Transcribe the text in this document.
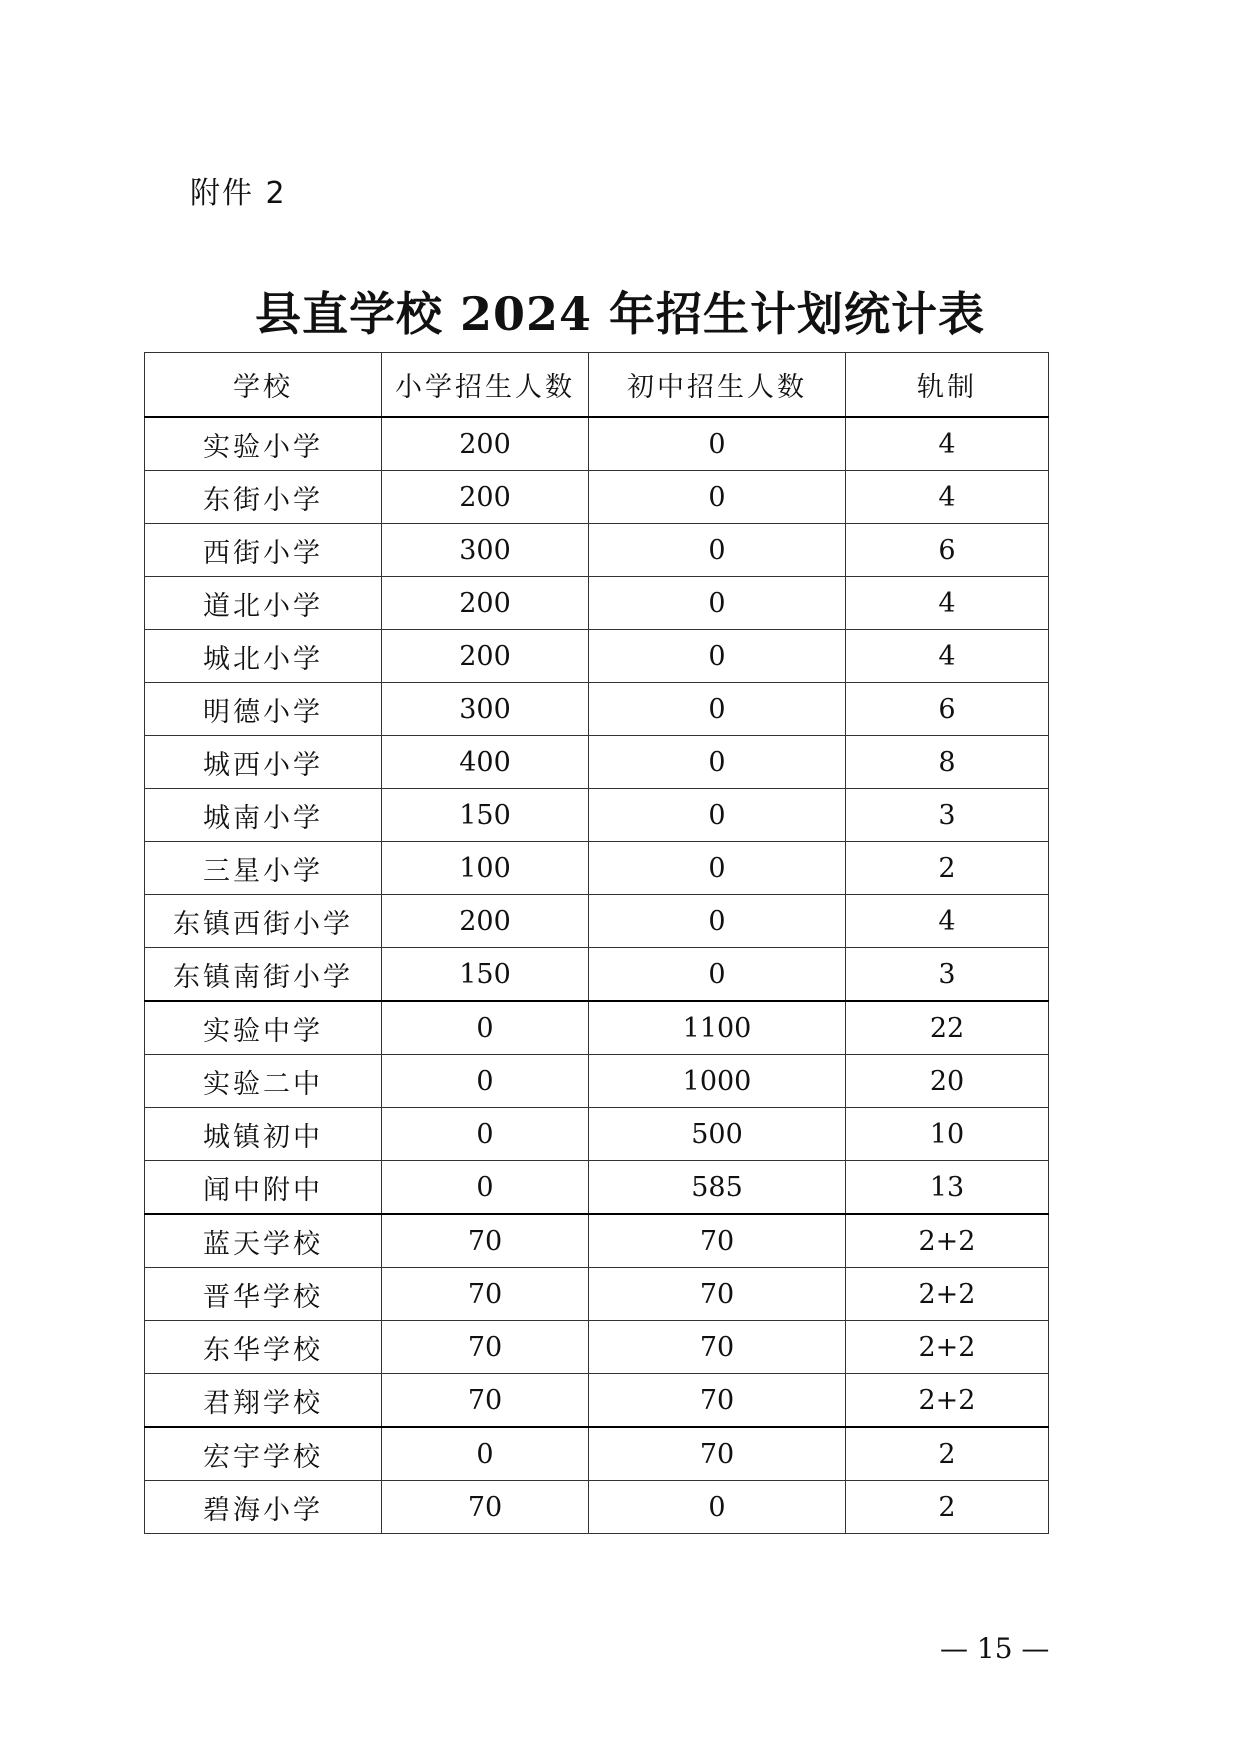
附件 2
县直学校 2024 年招生计划统计表
学校	小学招生人数	初中招生人数	轨制
实验小学	200	0	4
东街小学	200	0	4
西街小学	300	0	6
道北小学	200	0	4
城北小学	200	0	4
明德小学	300	0	6
城西小学	400	0	8
城南小学	150	0	3
三星小学	100	0	2
东镇西街小学	200	0	4
东镇南街小学	150	0	3
实验中学	0	1100	22
实验二中	0	1000	20
城镇初中	0	500	10
闻中附中	0	585	13
蓝天学校	70	70	2+2
晋华学校	70	70	2+2
东华学校	70	70	2+2
君翔学校	70	70	2+2
宏宇学校	0	70	2
碧海小学	70	0	2
— 15 —
